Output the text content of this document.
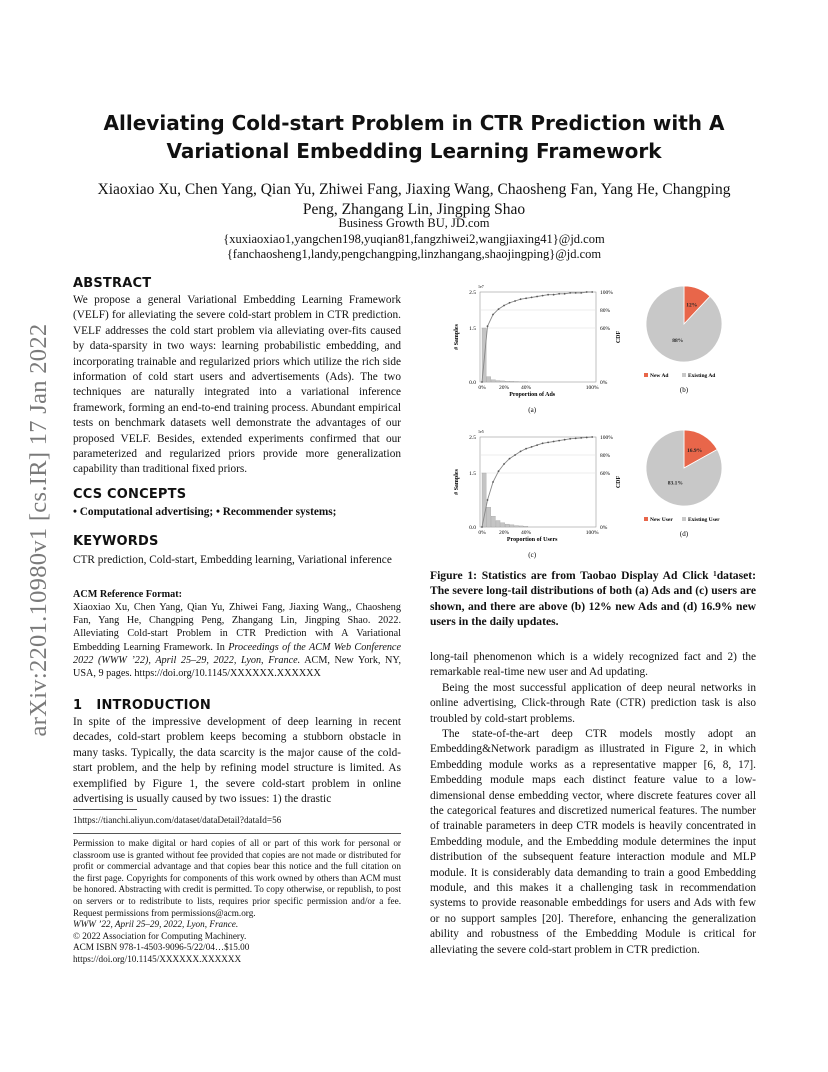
arXiv:2201.10980v1 [cs.IR] 17 Jan 2022
Alleviating Cold-start Problem in CTR Prediction with A Variational Embedding Learning Framework
Xiaoxiao Xu, Chen Yang, Qian Yu, Zhiwei Fang, Jiaxing Wang, Chaosheng Fan, Yang He, Changping Peng, Zhangang Lin, Jingping Shao
Business Growth BU, JD.com
{xuxiaoxiao1,yangchen198,yuqian81,fangzhiwei2,wangjiaxing41}@jd.com
{fanchaosheng1,landy,pengchangping,linzhangang,shaojingping}@jd.com
ABSTRACT
We propose a general Variational Embedding Learning Framework (VELF) for alleviating the severe cold-start problem in CTR prediction. VELF addresses the cold start problem via alleviating over-fits caused by data-sparsity in two ways: learning probabilistic embedding, and incorporating trainable and regularized priors which utilize the rich side information of cold start users and advertisements (Ads). The two techniques are naturally integrated into a variational inference framework, forming an end-to-end training process. Abundant empirical tests on benchmark datasets well demonstrate the advantages of our proposed VELF. Besides, extended experiments confirmed that our parameterized and regularized priors provide more generalization capability than traditional fixed priors.
CCS CONCEPTS
• Computational advertising; • Recommender systems;
KEYWORDS
CTR prediction, Cold-start, Embedding learning, Variational inference
ACM Reference Format:
Xiaoxiao Xu, Chen Yang, Qian Yu, Zhiwei Fang, Jiaxing Wang,, Chaosheng Fan, Yang He, Changping Peng, Zhangang Lin, Jingping Shao. 2022. Alleviating Cold-start Problem in CTR Prediction with A Variational Embedding Learning Framework. In Proceedings of the ACM Web Conference 2022 (WWW ’22), April 25–29, 2022, Lyon, France. ACM, New York, NY, USA, 9 pages. https://doi.org/10.1145/XXXXXX.XXXXXX
1   INTRODUCTION
In spite of the impressive development of deep learning in recent decades, cold-start problem keeps becoming a stubborn obstacle in many tasks. Typically, the data scarcity is the major cause of the cold-start problem, and the help by refining model structure is limited. As exemplified by Figure 1, the severe cold-start problem in online advertising is usually caused by two issues: 1) the drastic
1https://tianchi.aliyun.com/dataset/dataDetail?dataId=56
Permission to make digital or hard copies of all or part of this work for personal or classroom use is granted without fee provided that copies are not made or distributed for profit or commercial advantage and that copies bear this notice and the full citation on the first page. Copyrights for components of this work owned by others than ACM must be honored. Abstracting with credit is permitted. To copy otherwise, or republish, to post on servers or to redistribute to lists, requires prior specific permission and/or a fee. Request permissions from permissions@acm.org.
WWW ’22, April 25–29, 2022, Lyon, France.
© 2022 Association for Computing Machinery.
ACM ISBN 978-1-4503-9096-5/22/04…$15.00
https://doi.org/10.1145/XXXXXX.XXXXXX
0.0
1.5
2.5
1e7
0%
60%
80%
100%
0% 20% 40%	100%
Proportion of Ads
# Samples	CDF
(a)
0.0
1.5
2.5
1e5
0%
60%
80%
100%
0% 20% 40%	100%
Proportion of Users
# Samples	CDF
(c)
12%
88%
New Ad	Existing Ad
(b)
16.9%
83.1%
New User	Existing User
(d)
Figure 1: Statistics are from Taobao Display Ad Click ¹dataset: The severe long-tail distributions of both (a) Ads and (c) users are shown, and there are above (b) 12% new Ads and (d) 16.9% new users in the daily updates.
long-tail phenomenon which is a widely recognized fact and 2) the remarkable real-time new user and Ad updating.
Being the most successful application of deep neural networks in online advertising, Click-through Rate (CTR) prediction task is also troubled by cold-start problems.
The state-of-the-art deep CTR models mostly adopt an Embedding&Network paradigm as illustrated in Figure 2, in which Embedding module works as a representative mapper [6, 8, 17]. Embedding module maps each distinct feature value to a low-dimensional dense embedding vector, where discrete features cover all the categorical features and discretized numerical features. The number of trainable parameters in deep CTR models is heavily concentrated in Embedding module, and the Embedding module determines the input distribution of the subsequent feature interaction module and MLP module. It is considerably data demanding to train a good Embedding module, and this makes it a challenging task in recommendation systems to provide reasonable embeddings for users and Ads with few or no support samples [20]. Therefore, enhancing the generalization ability and robustness of the Embedding Module is critical for alleviating the severe cold-start problem in CTR prediction.
